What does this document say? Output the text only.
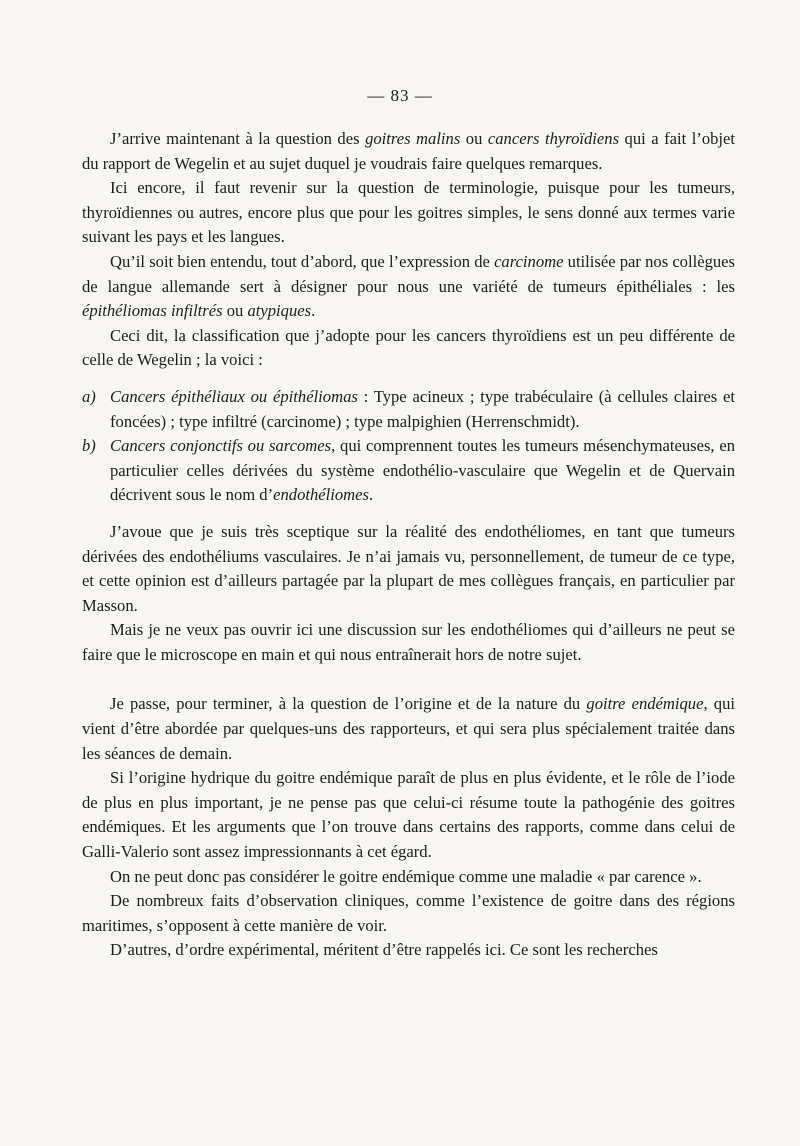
— 83 —

J’arrive maintenant à la question des goitres malins ou cancers thyroïdiens qui a fait l’objet du rapport de Wegelin et au sujet duquel je voudrais faire quelques remarques.

Ici encore, il faut revenir sur la question de terminologie, puisque pour les tumeurs, thyroïdiennes ou autres, encore plus que pour les goitres simples, le sens donné aux termes varie suivant les pays et les langues.

Qu’il soit bien entendu, tout d’abord, que l’expression de carcinome utilisée par nos collègues de langue allemande sert à désigner pour nous une variété de tumeurs épithéliales : les épithéliomas infiltrés ou atypiques.

Ceci dit, la classification que j’adopte pour les cancers thyroïdiens est un peu différente de celle de Wegelin ; la voici :

a) Cancers épithéliaux ou épithéliomas : Type acineux ; type trabéculaire (à cellules claires et foncées) ; type infiltré (carcinome) ; type malpighien (Herrenschmidt).
b) Cancers conjonctifs ou sarcomes, qui comprennent toutes les tumeurs mésenchymateuses, en particulier celles dérivées du système endothélio-vasculaire que Wegelin et de Quervain décrivent sous le nom d’endothéliomes.

J’avoue que je suis très sceptique sur la réalité des endothéliomes, en tant que tumeurs dérivées des endothéliums vasculaires. Je n’ai jamais vu, personnellement, de tumeur de ce type, et cette opinion est d’ailleurs partagée par la plupart de mes collègues français, en particulier par Masson.

Mais je ne veux pas ouvrir ici une discussion sur les endothéliomes qui d’ailleurs ne peut se faire que le microscope en main et qui nous entraînerait hors de notre sujet.

Je passe, pour terminer, à la question de l’origine et de la nature du goitre endémique, qui vient d’être abordée par quelques-uns des rapporteurs, et qui sera plus spécialement traitée dans les séances de demain.

Si l’origine hydrique du goitre endémique paraît de plus en plus évidente, et le rôle de l’iode de plus en plus important, je ne pense pas que celui-ci résume toute la pathogénie des goitres endémiques. Et les arguments que l’on trouve dans certains des rapports, comme dans celui de Galli-Valerio sont assez impressionnants à cet égard.

On ne peut donc pas considérer le goitre endémique comme une maladie « par carence ».

De nombreux faits d’observation cliniques, comme l’existence de goitre dans des régions maritimes, s’opposent à cette manière de voir.

D’autres, d’ordre expérimental, méritent d’être rappelés ici. Ce sont les recherches
